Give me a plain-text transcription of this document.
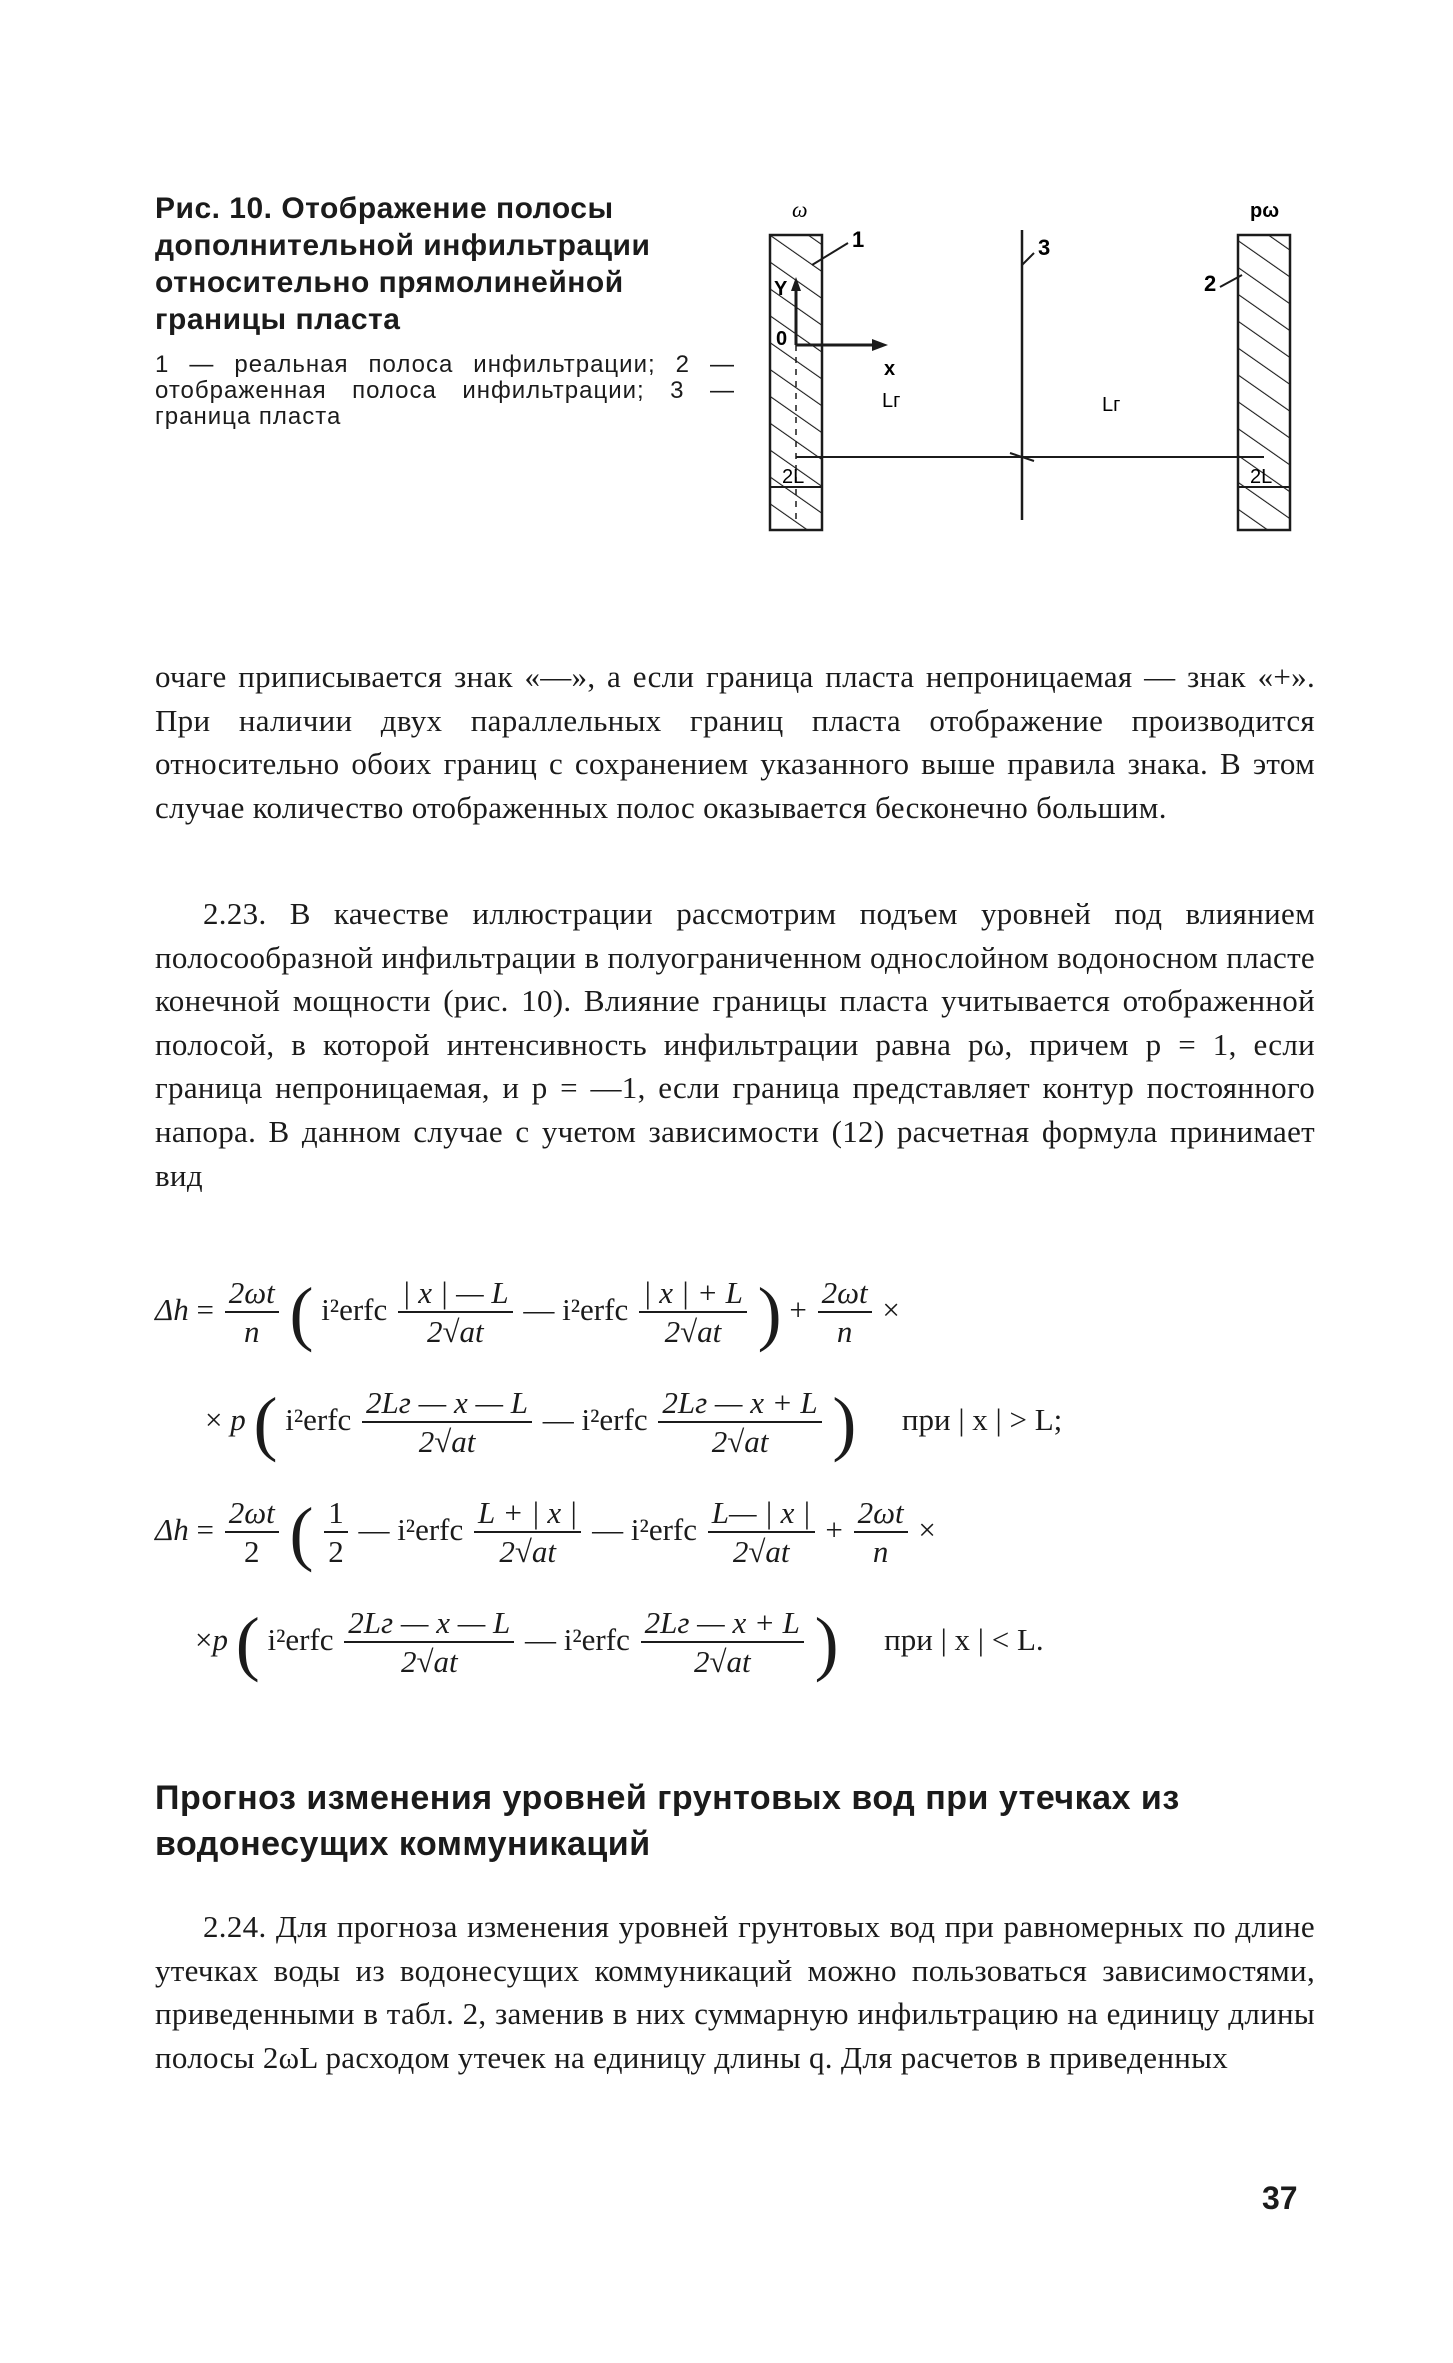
Рис. 10. Отображение полосы дополнительной инфильтрации относительно прямолинейной границы пласта

1 — реальная полоса инфильтрации; 2 — отображенная полоса инфильтрации; 3 — граница пласта
ω	pω
1	3
2
Y
0
x
Lг	Lг
2L	2L

очаге приписывается знак «—», а если граница пласта непроницаемая — знак «+». При наличии двух параллельных границ пласта отображение производится относительно обоих границ с сохранением указанного выше правила знака. В этом случае количество отображенных полос оказывается бесконечно большим.

2.23. В качестве иллюстрации рассмотрим подъем уровней под влиянием полосообразной инфильтрации в полуограниченном однослойном водоносном пласте конечной мощности (рис. 10). Влияние границы пласта учитывается отображенной полосой, в которой интенсивность инфильтрации равна pω, причем p = 1, если граница непроницаемая, и p = —1, если граница представляет контур постоянного напора. В данном случае с учетом зависимости (12) расчетная формула принимает вид

$\Delta h = \frac{2\omega t}{n}$ ( i²erfc $\frac{| x | — L}{2√at}$ — i²erfc $\frac{| x | + L}{2√at}$ ) + $\frac{2\omega t}{n}$ ×
× p ( i²erfc $\frac{2Lг — x — L}{2√at}$ — i²erfc $\frac{2Lг — x + L}{2√at}$ ) при | x | > L;
$\Delta h = \frac{2\omega t}{2}$ ( $\frac{1}{2}$ — i²erfc $\frac{L + | x |}{2√at}$ — i²erfc $\frac{L— | x |}{2√at} + \frac{2\omega t}{n}$ ×
×p ( i²erfc $\frac{2Lг — x — L}{2√at}$ — i²erfc $\frac{2Lг — x + L}{2√at}$ ) при | x | < L.
Прогноз изменения уровней грунтовых вод при утечках из водонесущих коммуникаций

2.24. Для прогноза изменения уровней грунтовых вод при равномерных по длине утечках воды из водонесущих коммуникаций можно пользоваться зависимостями, приведенными в табл. 2, заменив в них суммарную инфильтрацию на единицу длины полосы 2ωL расходом утечек на единицу длины q. Для расчетов в приведенных

37
